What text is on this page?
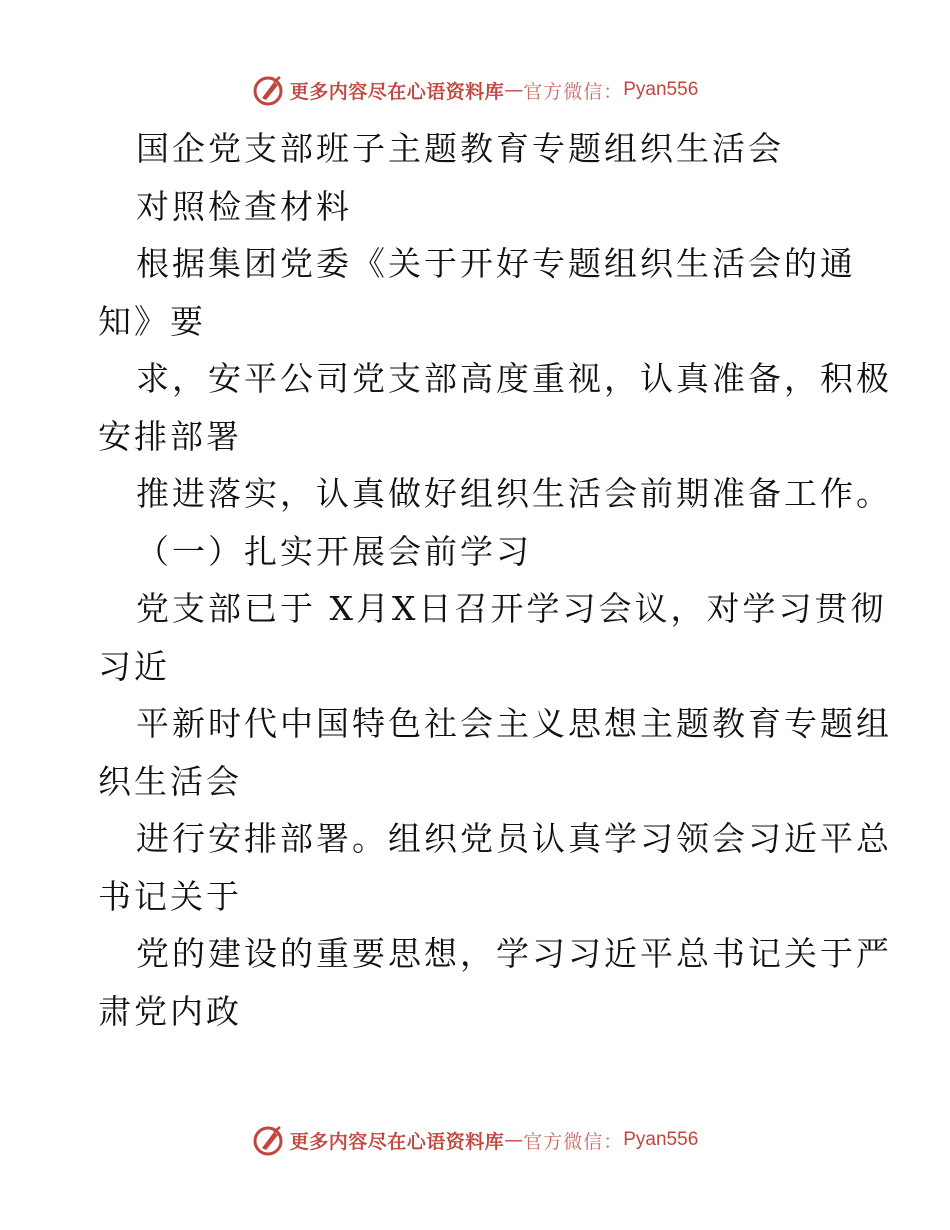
更多内容尽在心语资料库 — 官方微信： Pyan556
国企党支部班子主题教育专题组织生活会
对照检查材料
根据集团党委《关于开好专题组织生活会的通
知》要
求，安平公司党支部高度重视，认真准备，积极
安排部署
推进落实，认真做好组织生活会前期准备工作。
（一）扎实开展会前学习
党支部已于 X月X日召开学习会议，对学习贯彻
习近
平新时代中国特色社会主义思想主题教育专题组
织生活会
进行安排部署。组织党员认真学习领会习近平总
书记关于
党的建设的重要思想，学习习近平总书记关于严
肃党内政
更多内容尽在心语资料库 — 官方微信： Pyan556
